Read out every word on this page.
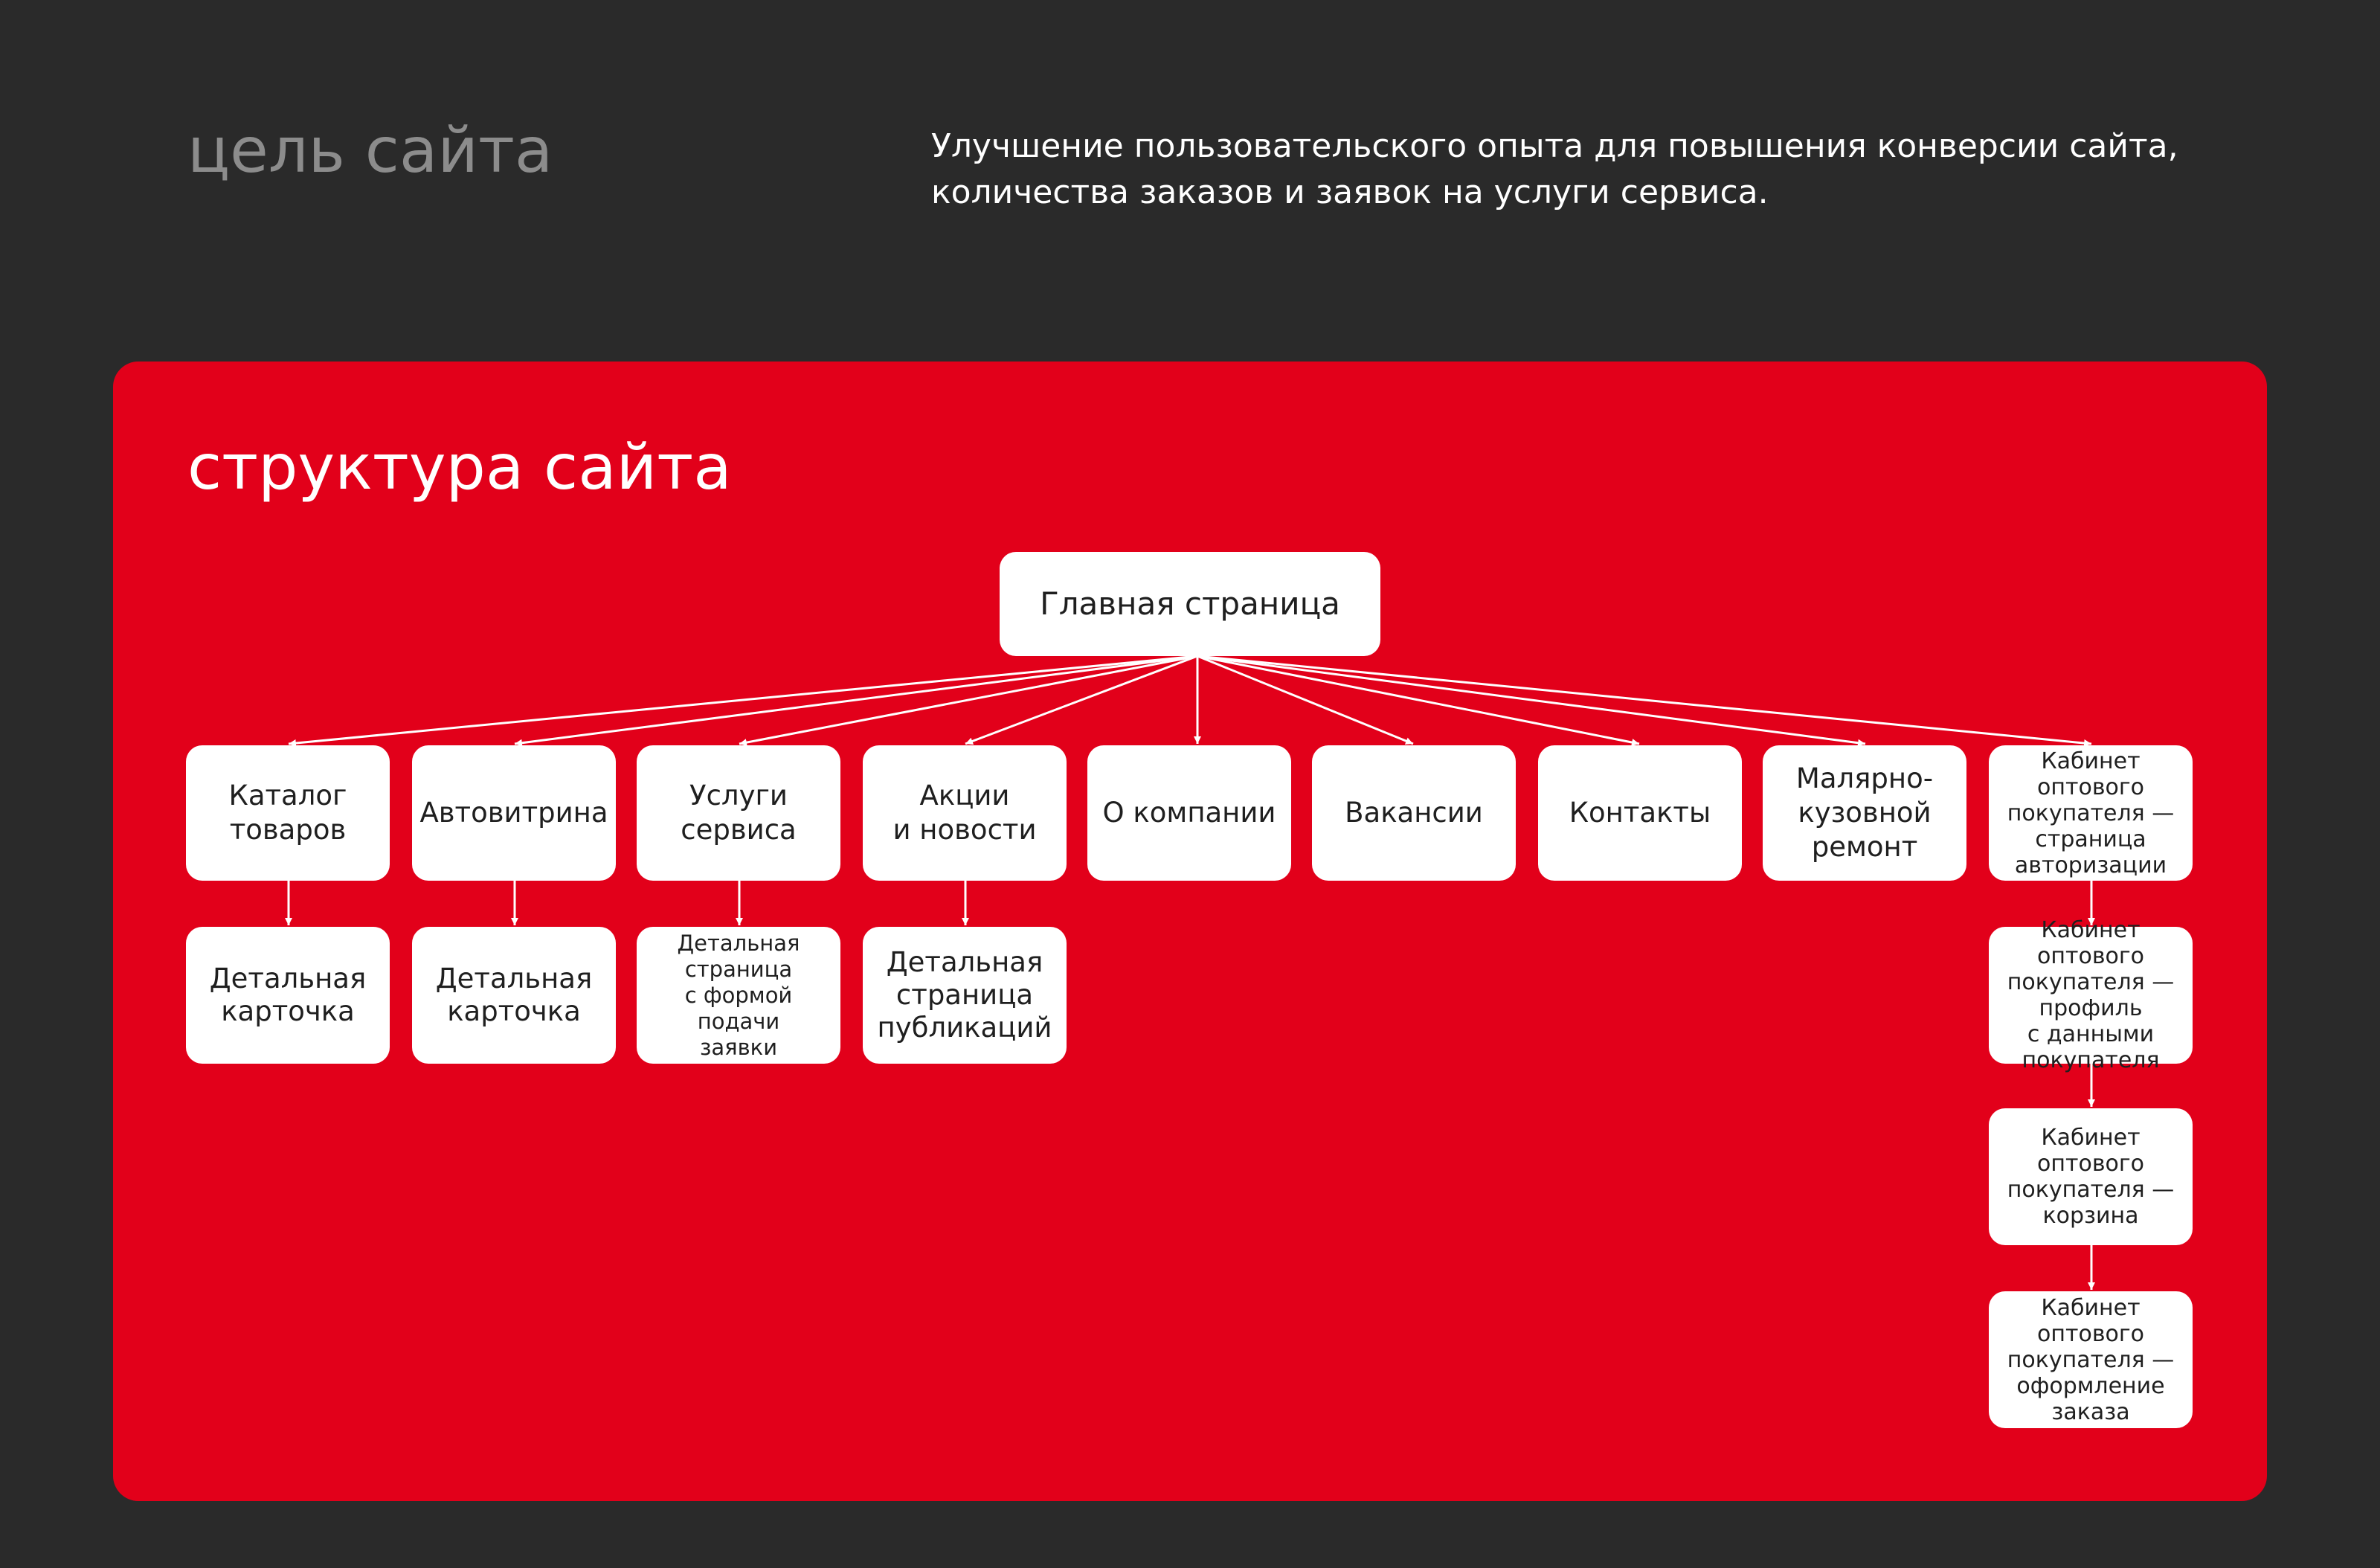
цель сайта	Улучшение пользовательского опыта для повышения конверсии сайта,
количества заказов и заявок на услуги сервиса.
структура сайта
Главная страница
Каталог
товаров
Автовитрина
Услуги
сервиса
Акции
и новости
О компании	Вакансии	Контакты
Малярно-
кузовной
ремонт
Кабинет оптового
покупателя —
страница
авторизации
Детальная
карточка
Детальная
карточка
Детальная
страница
с формой подачи
заявки
Детальная
страница
публикаций
Кабинет оптового
покупателя —
профиль
с данными
покупателя
Кабинет оптового
покупателя —
корзина
Кабинет оптового
покупателя —
оформление
заказа
